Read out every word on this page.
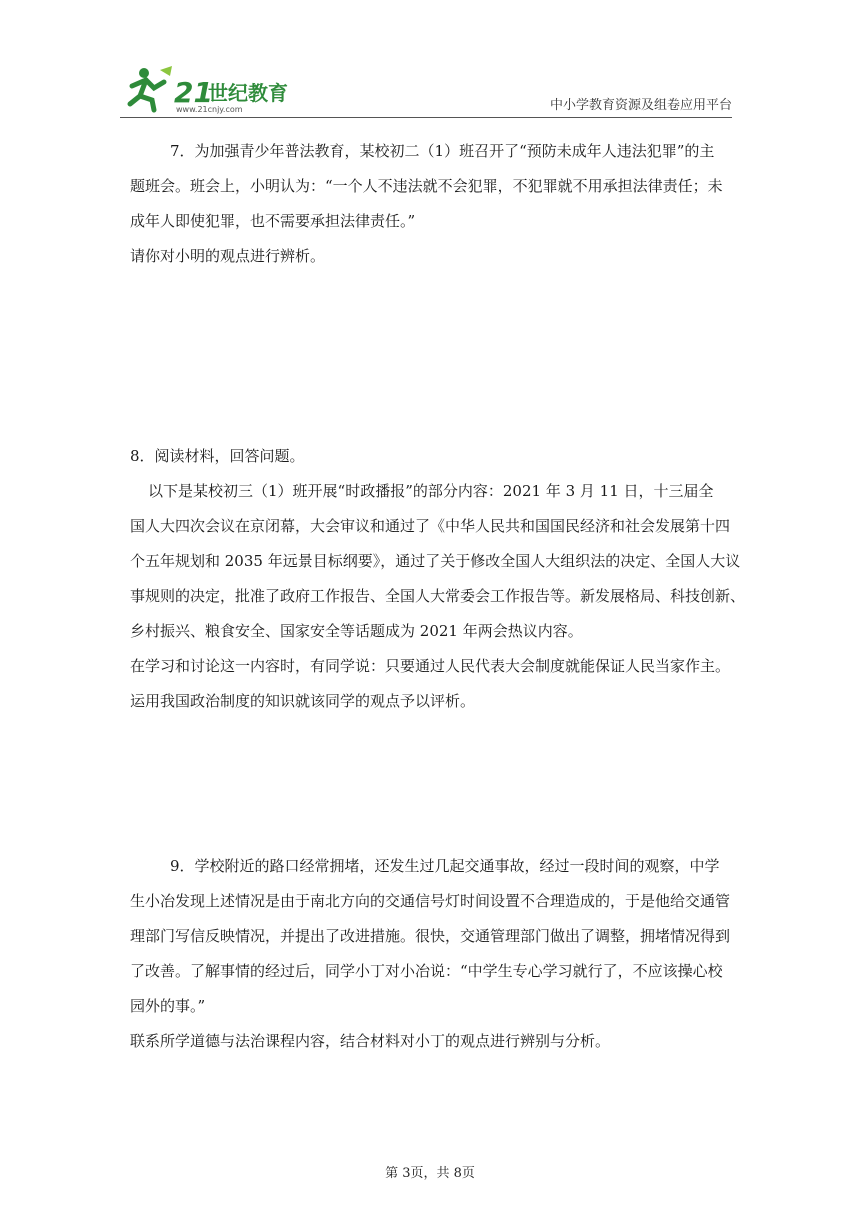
21
世纪教育
www.21cnjy.com	中小学教育资源及组卷应用平台
7．为加强青少年普法教育，某校初二（1）班召开了“预防未成年人违法犯罪”的主
题班会。班会上，小明认为：“一个人不违法就不会犯罪，不犯罪就不用承担法律责任；未
成年人即使犯罪，也不需要承担法律责任。”
请你对小明的观点进行辨析。
8．阅读材料，回答问题。
以下是某校初三（1）班开展“时政播报”的部分内容：2021 年 3 月 11 日，十三届全
国人大四次会议在京闭幕，大会审议和通过了《中华人民共和国国民经济和社会发展第十四
个五年规划和 2035 年远景目标纲要》，通过了关于修改全国人大组织法的决定、全国人大议
事规则的决定，批准了政府工作报告、全国人大常委会工作报告等。新发展格局、科技创新、
乡村振兴、粮食安全、国家安全等话题成为 2021 年两会热议内容。
在学习和讨论这一内容时，有同学说：只要通过人民代表大会制度就能保证人民当家作主。
运用我国政治制度的知识就该同学的观点予以评析。
9．学校附近的路口经常拥堵，还发生过几起交通事故，经过一段时间的观察，中学
生小冶发现上述情况是由于南北方向的交通信号灯时间设置不合理造成的，于是他给交通管
理部门写信反映情况，并提出了改进措施。很快，交通管理部门做出了调整，拥堵情况得到
了改善。了解事情的经过后，同学小丁对小冶说：“中学生专心学习就行了，不应该操心校
园外的事。”
联系所学道德与法治课程内容，结合材料对小丁的观点进行辨别与分析。
第 3页，共 8页
